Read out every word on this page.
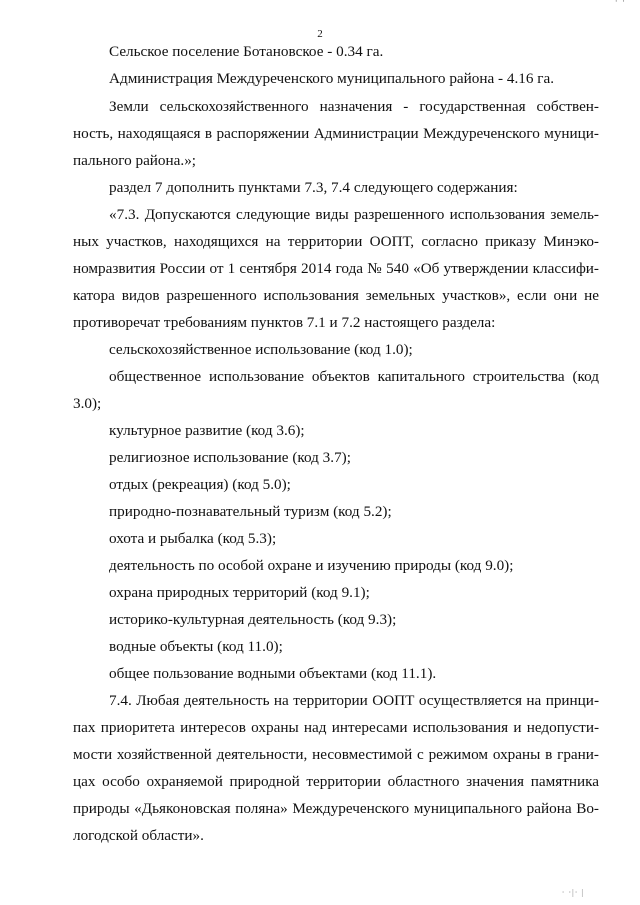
· ·
2
Сельское поселение Ботановское - 0.34 га.
Администрация Междуреченского муниципального района - 4.16 га.
Земли сельскохозяйственного назначения - государственная собствен-
ность, находящаяся в распоряжении Администрации Междуреченского муници-
пального района.»;
раздел 7 дополнить пунктами 7.3, 7.4 следующего содержания:
«7.3. Допускаются следующие виды разрешенного использования земель-
ных участков, находящихся на территории ООПТ, согласно приказу Минэко-
номразвития России от 1 сентября 2014 года № 540 «Об утверждении классифи-
катора видов разрешенного использования земельных участков», если они не
противоречат требованиям пунктов 7.1 и 7.2 настоящего раздела:
сельскохозяйственное использование (код 1.0);
общественное использование объектов капитального строительства (код
3.0);
культурное развитие (код 3.6);
религиозное использование (код 3.7);
отдых (рекреация) (код 5.0);
природно-познавательный туризм (код 5.2);
охота и рыбалка (код 5.3);
деятельность по особой охране и изучению природы (код 9.0);
охрана природных территорий (код 9.1);
историко-культурная деятельность (код 9.3);
водные объекты (код 11.0);
общее пользование водными объектами (код 11.1).
7.4. Любая деятельность на территории ООПТ осуществляется на принци-
пах приоритета интересов охраны над интересами использования и недопусти-
мости хозяйственной деятельности, несовместимой с режимом охраны в грани-
цах особо охраняемой природной территории областного значения памятника
природы «Дьяконовская поляна» Междуреченского муниципального района Во-
логодской области».
· ·|· |
